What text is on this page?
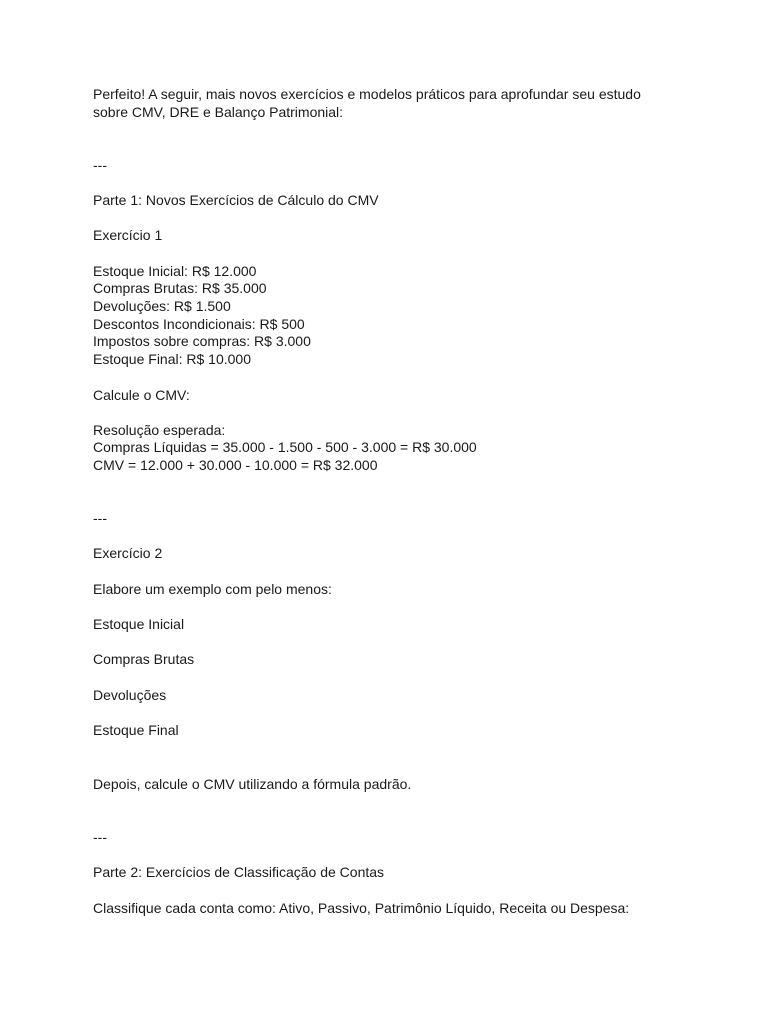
Perfeito! A seguir, mais novos exercícios e modelos práticos para aprofundar seu estudo

sobre CMV, DRE e Balanço Patrimonial:

---

Parte 1: Novos Exercícios de Cálculo do CMV

Exercício 1

Estoque Inicial: R$ 12.000

Compras Brutas: R$ 35.000

Devoluções: R$ 1.500

Descontos Incondicionais: R$ 500

Impostos sobre compras: R$ 3.000

Estoque Final: R$ 10.000

Calcule o CMV:

Resolução esperada:

Compras Líquidas = 35.000 - 1.500 - 500 - 3.000 = R$ 30.000

CMV = 12.000 + 30.000 - 10.000 = R$ 32.000

---

Exercício 2

Elabore um exemplo com pelo menos:

Estoque Inicial

Compras Brutas

Devoluções

Estoque Final

Depois, calcule o CMV utilizando a fórmula padrão.

---

Parte 2: Exercícios de Classificação de Contas

Classifique cada conta como: Ativo, Passivo, Patrimônio Líquido, Receita ou Despesa:
